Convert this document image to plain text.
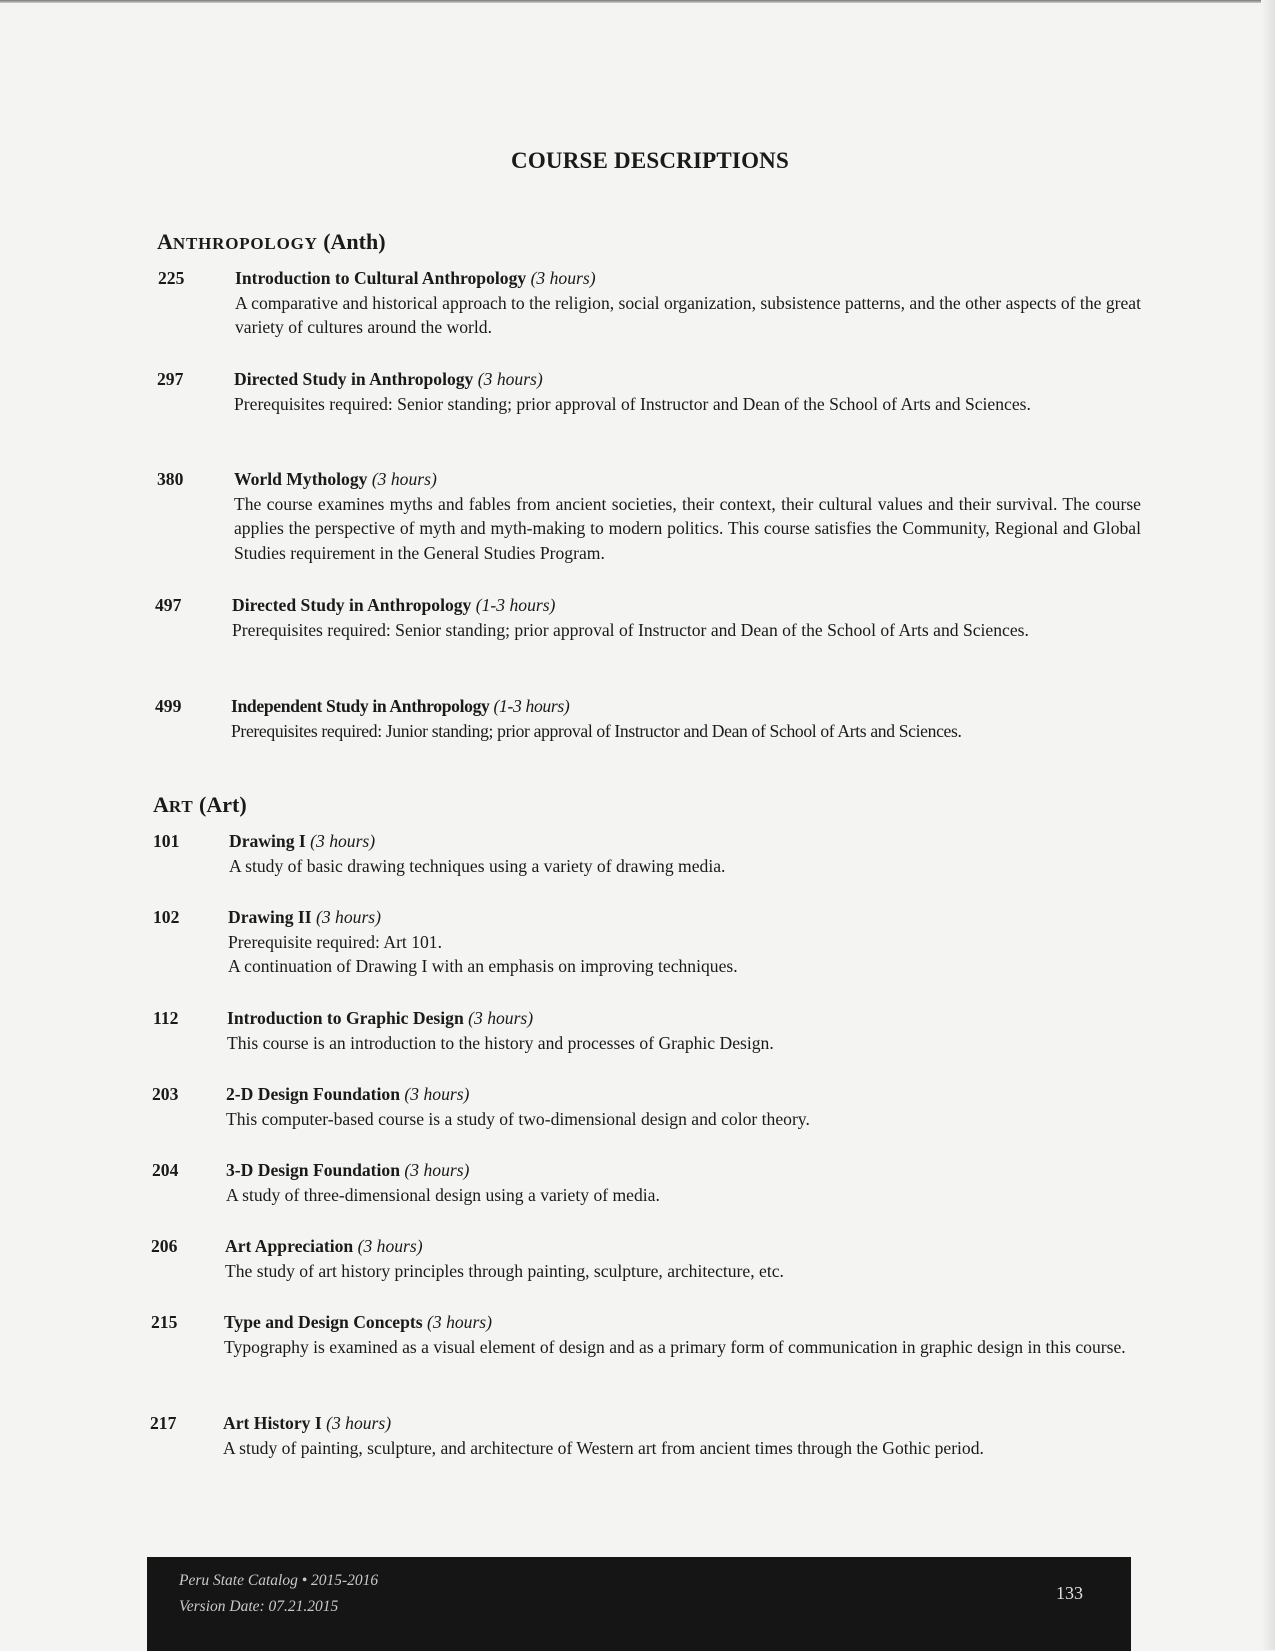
COURSE DESCRIPTIONS
ANTHROPOLOGY (Anth)
225	Introduction to Cultural Anthropology (3 hours)
A comparative and historical approach to the religion, social organization, subsistence patterns, and the other aspects of the great variety of cultures around the world.
297	Directed Study in Anthropology (3 hours)
Prerequisites required: Senior standing; prior approval of Instructor and Dean of the School of Arts and Sciences.
380	World Mythology (3 hours)
The course examines myths and fables from ancient societies, their context, their cultural values and their survival. The course applies the perspective of myth and myth-making to modern politics. This course satisfies the Community, Regional and Global Studies requirement in the General Studies Program.
497	Directed Study in Anthropology (1-3 hours)
Prerequisites required: Senior standing; prior approval of Instructor and Dean of the School of Arts and Sciences.
499	Independent Study in Anthropology (1-3 hours)
Prerequisites required: Junior standing; prior approval of Instructor and Dean of School of Arts and Sciences.
ART (Art)
101	Drawing I (3 hours)
A study of basic drawing techniques using a variety of drawing media.
102	Drawing II (3 hours)
Prerequisite required: Art 101.
A continuation of Drawing I with an emphasis on improving techniques.
112	Introduction to Graphic Design (3 hours)
This course is an introduction to the history and processes of Graphic Design.
203	2-D Design Foundation (3 hours)
This computer-based course is a study of two-dimensional design and color theory.
204	3-D Design Foundation (3 hours)
A study of three-dimensional design using a variety of media.
206	Art Appreciation (3 hours)
The study of art history principles through painting, sculpture, architecture, etc.
215	Type and Design Concepts (3 hours)
Typography is examined as a visual element of design and as a primary form of communication in graphic design in this course.
217	Art History I (3 hours)
A study of painting, sculpture, and architecture of Western art from ancient times through the Gothic period.
Peru State Catalog • 2015-2016
Version Date: 07.21.2015
133
